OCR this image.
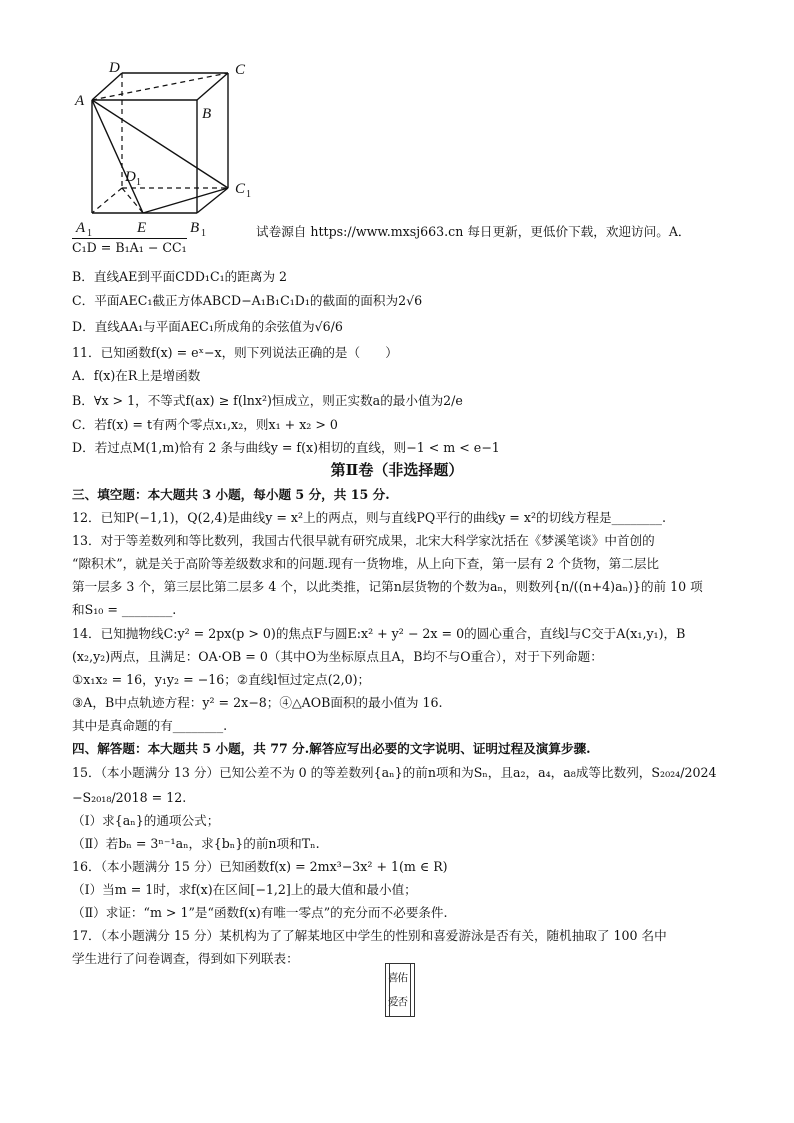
D	C
A
B
D 1	C 1
A 1	E	B 1	试卷源自 https://www.mxsj663.cn 每日更新，更低价下载，欢迎访问。A．
C₁D = B₁A₁ − CC₁
B．直线AE到平面CDD₁C₁的距离为 2
C．平面AEC₁截正方体ABCD−A₁B₁C₁D₁的截面的面积为2√6
D．直线AA₁与平面AEC₁所成角的余弦值为√6/6
11．已知函数f(x) = eˣ−x，则下列说法正确的是（　　）
A．f(x)在R上是增函数
B．∀x > 1，不等式f(ax) ≥ f(lnx²)恒成立，则正实数a的最小值为2/e
C．若f(x) = t有两个零点x₁,x₂，则x₁ + x₂ > 0
D．若过点M(1,m)恰有 2 条与曲线y = f(x)相切的直线，则−1 < m < e−1
第Ⅱ卷（非选择题）
三、填空题：本大题共 3 小题，每小题 5 分，共 15 分.
12．已知P(−1,1)，Q(2,4)是曲线y = x²上的两点，则与直线PQ平行的曲线y = x²的切线方程是________.
13．对于等差数列和等比数列，我国古代很早就有研究成果，北宋大科学家沈括在《梦溪笔谈》中首创的
“隙积术”，就是关于高阶等差级数求和的问题.现有一货物堆，从上向下查，第一层有 2 个货物，第二层比
第一层多 3 个，第三层比第二层多 4 个，以此类推，记第n层货物的个数为aₙ，则数列{n/((n+4)aₙ)}的前 10 项
和S₁₀ = ________.
14．已知抛物线C:y² = 2px(p > 0)的焦点F与圆E:x² + y² − 2x = 0的圆心重合，直线l与C交于A(x₁,y₁)，B
(x₂,y₂)两点，且满足：OA·OB = 0（其中O为坐标原点且A，B均不与O重合），对于下列命题：
①x₁x₂ = 16，y₁y₂ = −16；②直线l恒过定点(2,0)；
③A，B中点轨迹方程：y² = 2x−8；④△AOB面积的最小值为 16.
其中是真命题的有________.
四、解答题：本大题共 5 小题，共 77 分.解答应写出必要的文字说明、证明过程及演算步骤.
15．（本小题满分 13 分）已知公差不为 0 的等差数列{aₙ}的前n项和为Sₙ，且a₂，a₄，a₈成等比数列，S₂₀₂₄/2024
−S₂₀₁₈/2018 = 12.
（Ⅰ）求{aₙ}的通项公式；
（Ⅱ）若bₙ = 3ⁿ⁻¹aₙ，求{bₙ}的前n项和Tₙ.
16．（本小题满分 15 分）已知函数f(x) = 2mx³−3x² + 1(m ∈ R)
（Ⅰ）当m = 1时，求f(x)在区间[−1,2]上的最大值和最小值；
（Ⅱ）求证：“m > 1”是“函数f(x)有唯一零点”的充分而不必要条件.
17．（本小题满分 15 分）某机构为了了解某地区中学生的性别和喜爱游泳是否有关，随机抽取了 100 名中
学生进行了问卷调查，得到如下列联表：
喜佑
爱否
